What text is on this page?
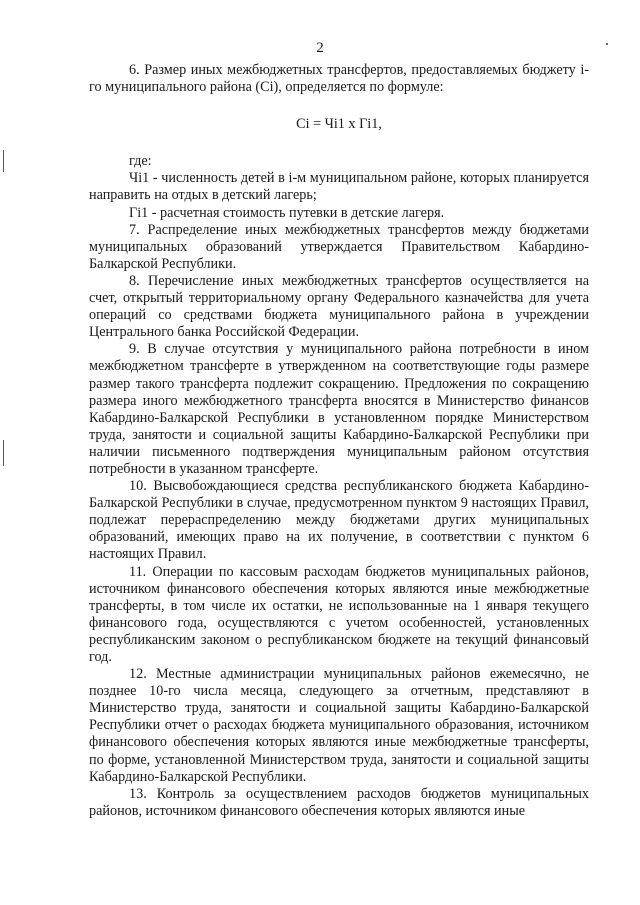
2

6. Размер иных межбюджетных трансфертов, предоставляемых бюджету i-го муниципального района (Сi), определяется по формуле:

Сi = Чi1 x Гi1,

где:

Чi1 - численность детей в i-м муниципальном районе, которых планируется направить на отдых в детский лагерь;

Гi1 - расчетная стоимость путевки в детские лагеря.

7. Распределение иных межбюджетных трансфертов между бюджетами муниципальных образований утверждается Правительством Кабардино-Балкарской Республики.

8. Перечисление иных межбюджетных трансфертов осуществляется на счет, открытый территориальному органу Федерального казначейства для учета операций со средствами бюджета муниципального района в учреждении Центрального банка Российской Федерации.

9. В случае отсутствия у муниципального района потребности в ином межбюджетном трансферте в утвержденном на соответствующие годы размере размер такого трансферта подлежит сокращению. Предложения по сокращению размера иного межбюджетного трансферта вносятся в Министерство финансов Кабардино-Балкарской Республики в установленном порядке Министерством труда, занятости и социальной защиты Кабардино-Балкарской Республики при наличии письменного подтверждения муниципальным районом отсутствия потребности в указанном трансферте.

10. Высвобождающиеся средства республиканского бюджета Кабардино-Балкарской Республики в случае, предусмотренном пунктом 9 настоящих Правил, подлежат перераспределению между бюджетами других муниципальных образований, имеющих право на их получение, в соответствии с пунктом 6 настоящих Правил.

11. Операции по кассовым расходам бюджетов муниципальных районов, источником финансового обеспечения которых являются иные межбюджетные трансферты, в том числе их остатки, не использованные на 1 января текущего финансового года, осуществляются с учетом особенностей, установленных республиканским законом о республиканском бюджете на текущий финансовый год.

12. Местные администрации муниципальных районов ежемесячно, не позднее 10-го числа месяца, следующего за отчетным, представляют в Министерство труда, занятости и социальной защиты Кабардино-Балкарской Республики отчет о расходах бюджета муниципального образования, источником финансового обеспечения которых являются иные межбюджетные трансферты, по форме, установленной Министерством труда, занятости и социальной защиты Кабардино-Балкарской Республики.

13. Контроль за осуществлением расходов бюджетов муниципальных районов, источником финансового обеспечения которых являются иные
